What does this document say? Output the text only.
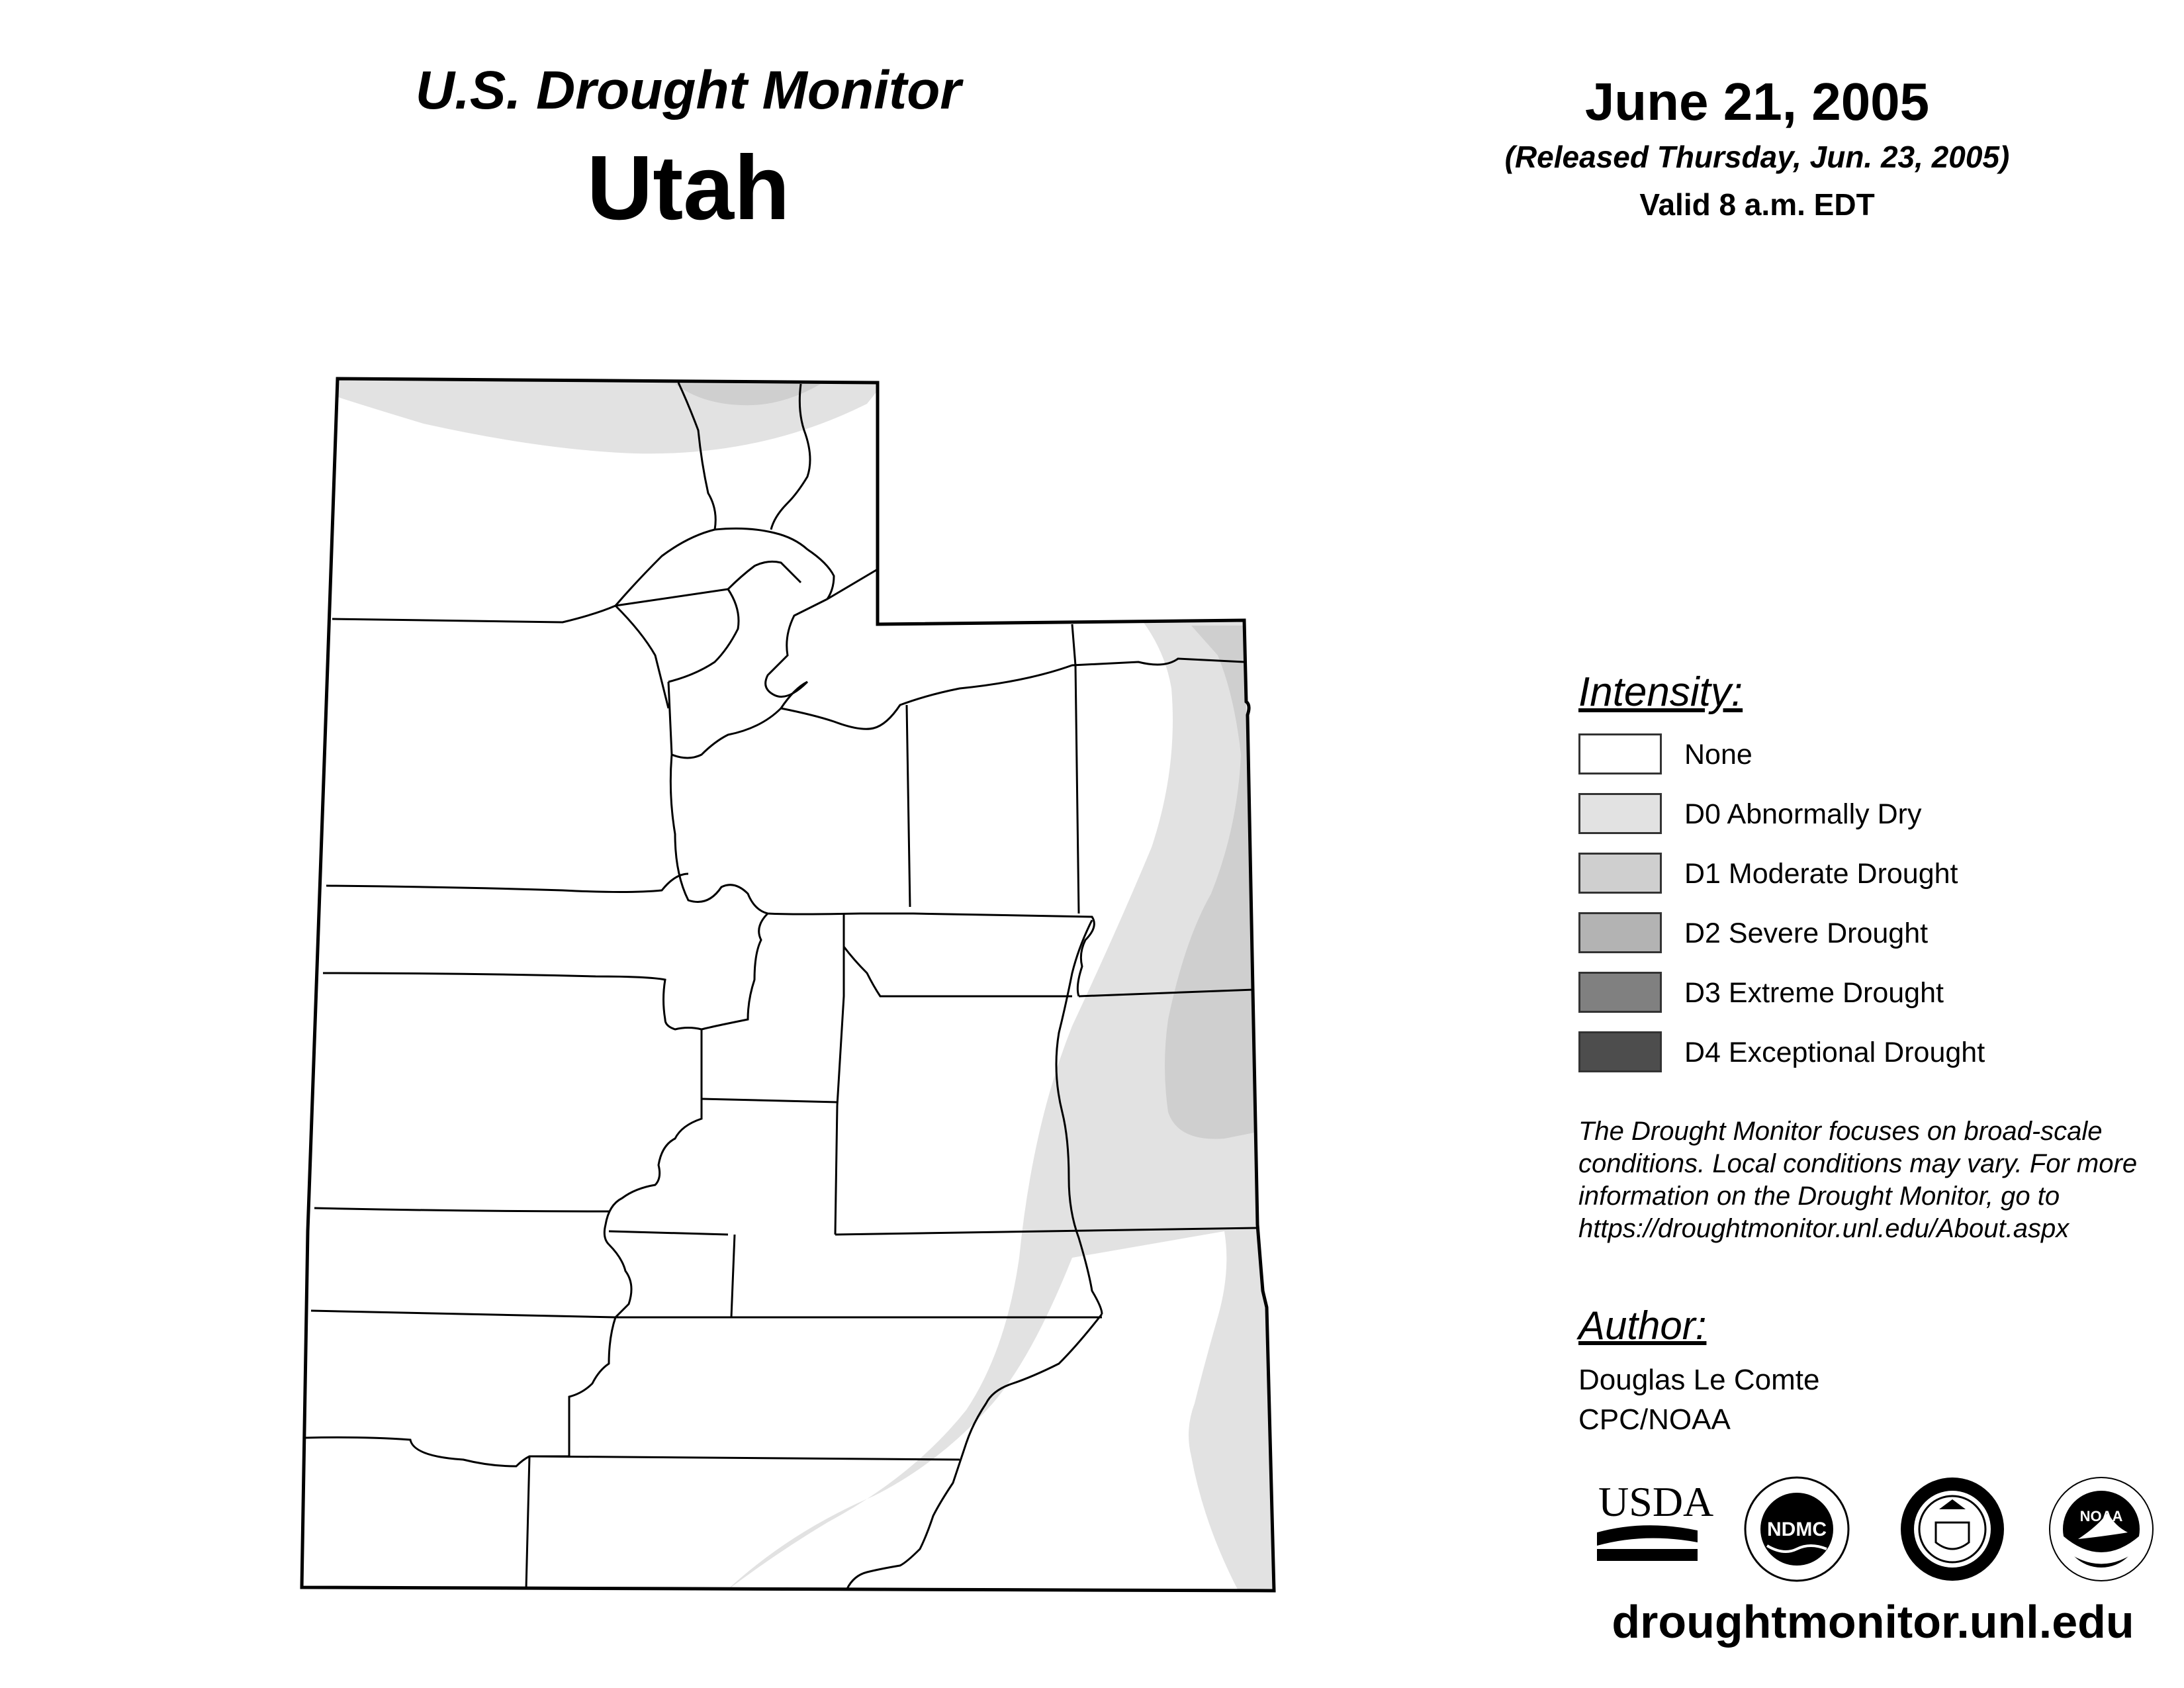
U.S. Drought Monitor
Utah
June 21, 2005
(Released Thursday, Jun. 23, 2005)
Valid 8 a.m. EDT
Intensity:
None
D0 Abnormally Dry
D1 Moderate Drought
D2 Severe Drought
D3 Extreme Drought
D4 Exceptional Drought
The Drought Monitor focuses on broad-scale conditions. Local conditions may vary. For more information on the Drought Monitor, go to https://droughtmonitor.unl.edu/About.aspx
Author:
Douglas Le Comte
CPC/NOAA
USDA
NDMC
NOAA
droughtmonitor.unl.edu
